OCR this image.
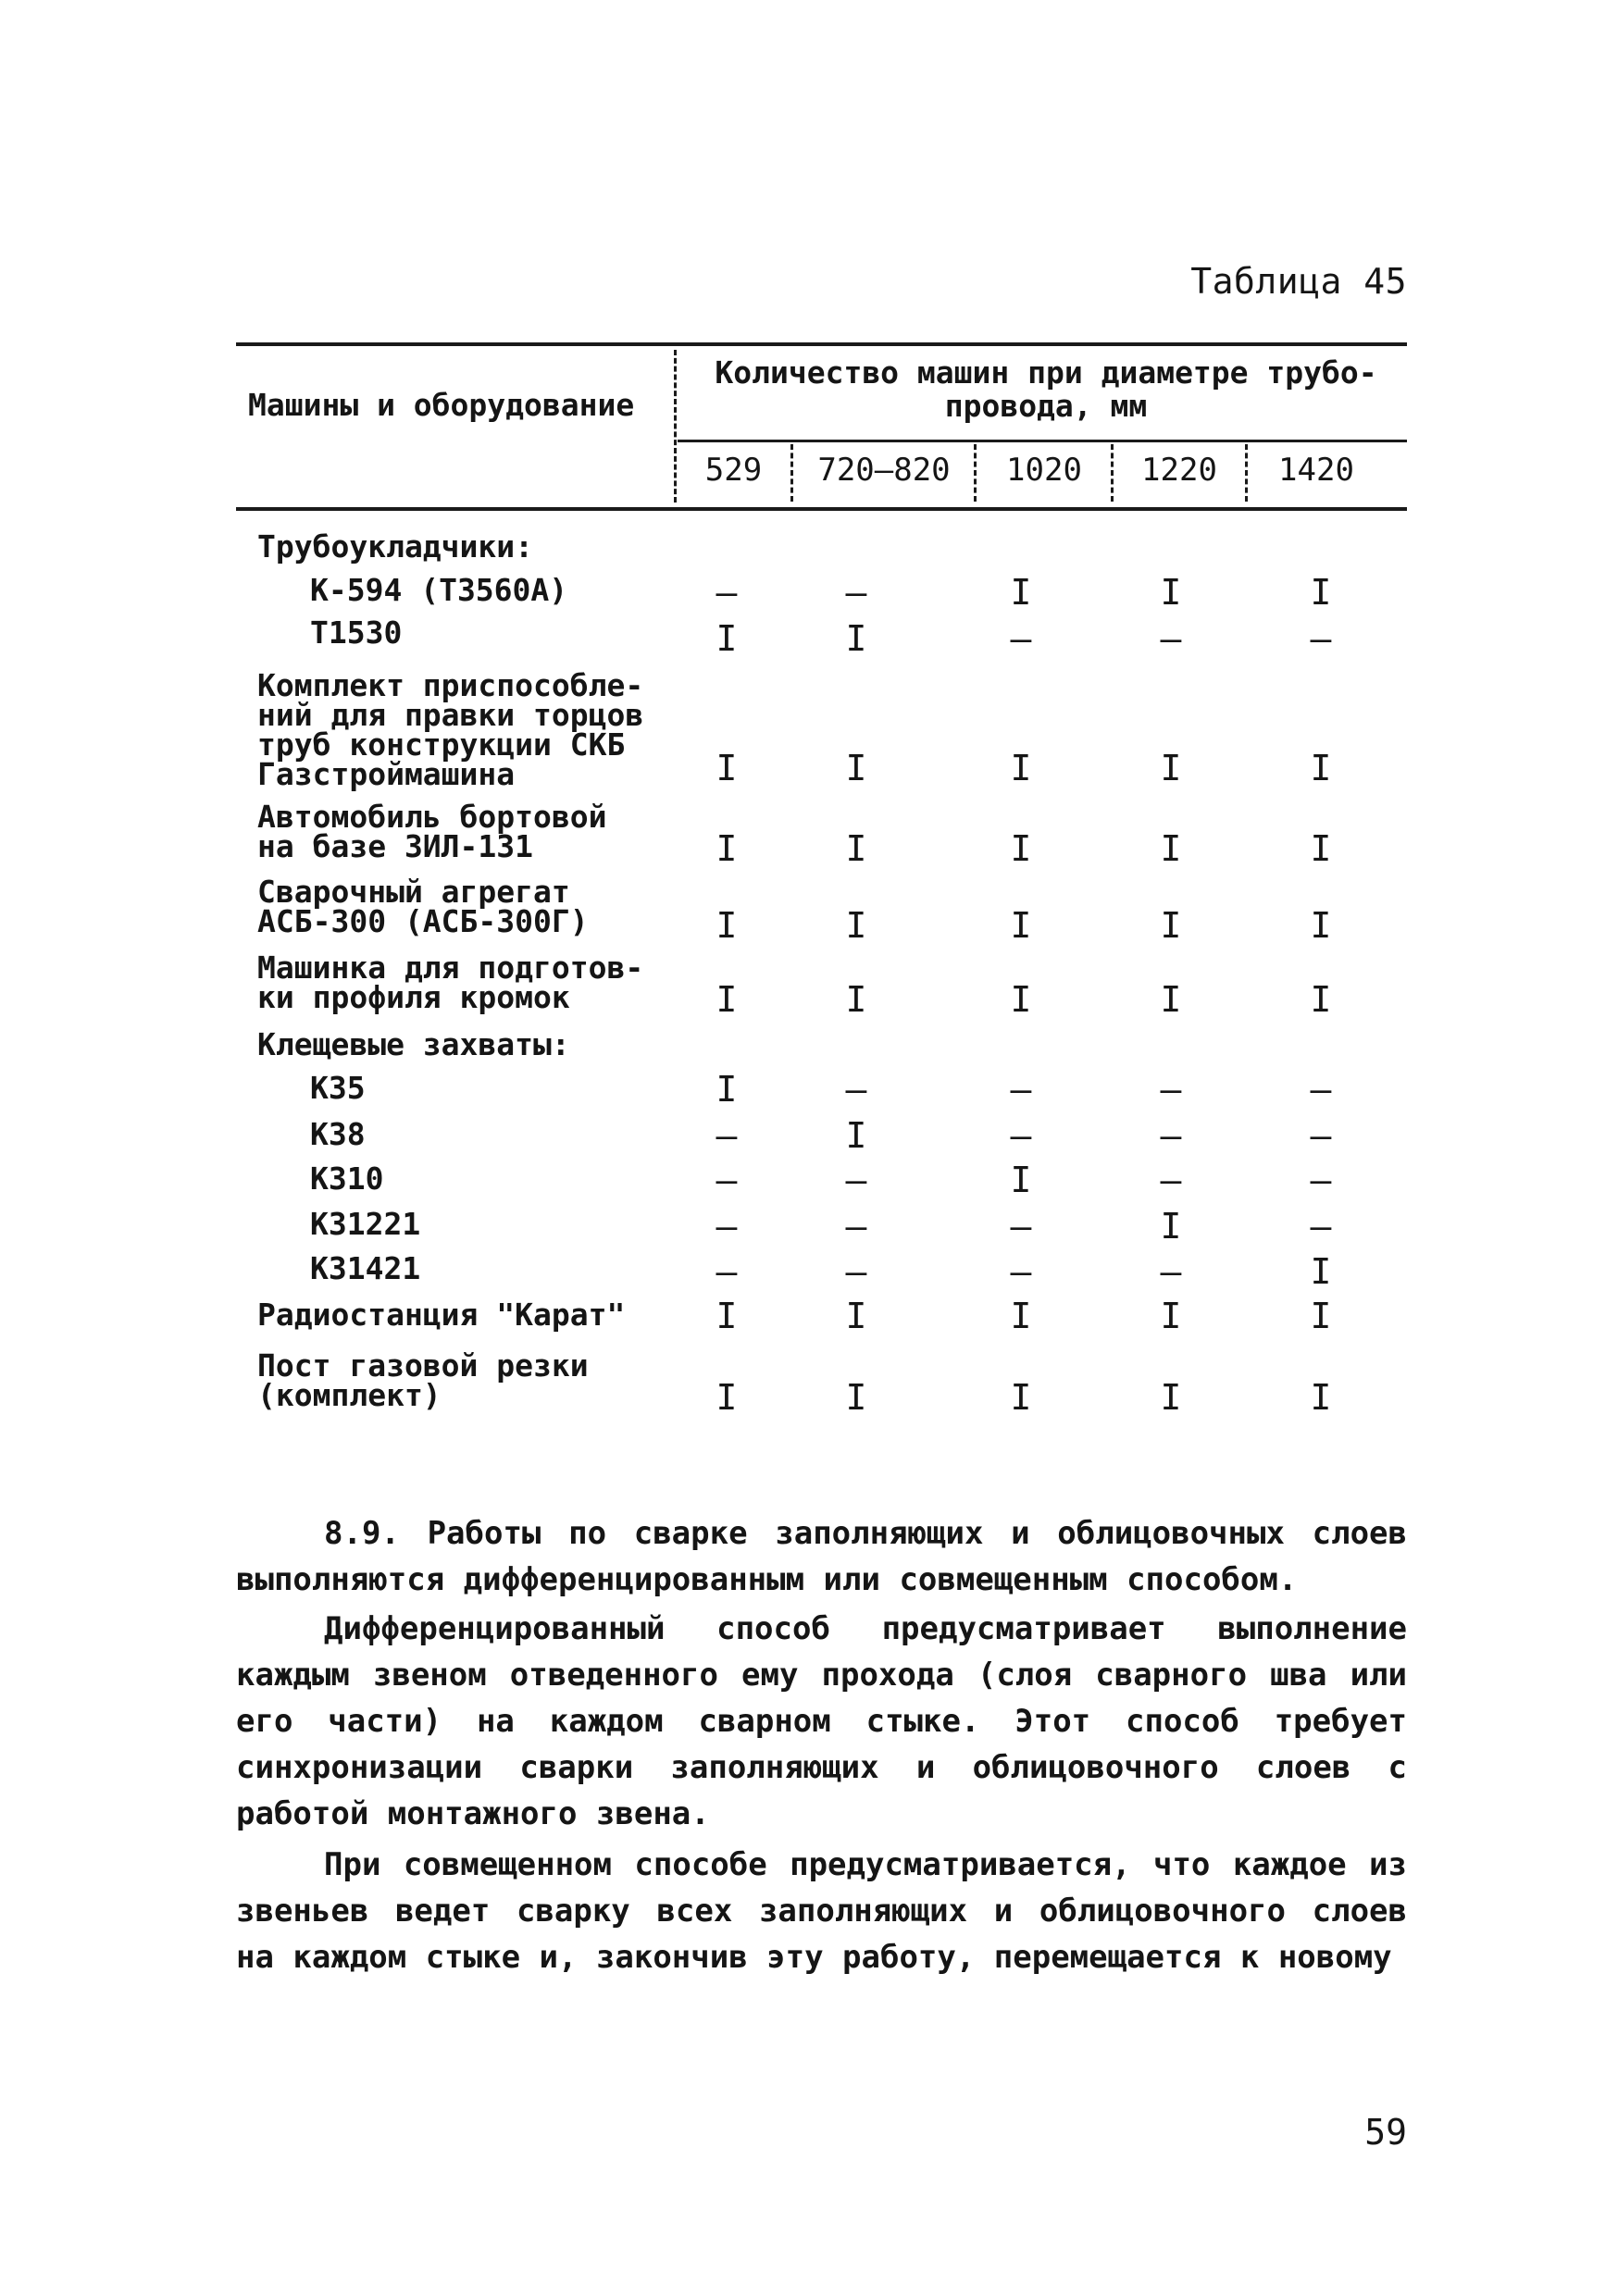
Таблица 45
Машины и оборудование
Количество машин при диаметре трубо-
провода, мм
529	720–820	1020	1220	1420
Трубоукладчики:
К-594 (Т3560А)	–	–	I	I	I
Т1530	I	I	–	–	–
Комплект приспособле-
ний для правки торцов
труб конструкции СКБ
Газстроймашина	I	I	I	I	I
Автомобиль бортовой
на базе ЗИЛ-131	I	I	I	I	I
Сварочный агрегат
АСБ-300 (АСБ-300Г)	I	I	I	I	I
Машинка для подготов-
ки профиля кромок	I	I	I	I	I
Клещевые захваты:
КЗ5	I	–	–	–	–
КЗ8	–	I	–	–	–
КЗ10	–	–	I	–	–
КЗ1221	–	–	–	I	–
КЗ1421	–	–	–	–	I
Радиостанция "Карат"	I	I	I	I	I
Пост газовой резки
(комплект)	I	I	I	I	I
8.9. Работы по сварке заполняющих и облицовочных слоев выполняются дифференцированным или совмещенным способом.
Дифференцированный способ предусматривает выполнение каждым звеном отведенного ему прохода (слоя сварного шва или его части) на каждом сварном стыке. Этот способ требует синхронизации сварки заполняющих и облицовочного слоев с работой монтажного звена.
При совмещенном способе предусматривается, что каждое из звеньев ведет сварку всех заполняющих и облицовочного слоев на каждом стыке и, закончив эту работу, перемещается к новому
59
